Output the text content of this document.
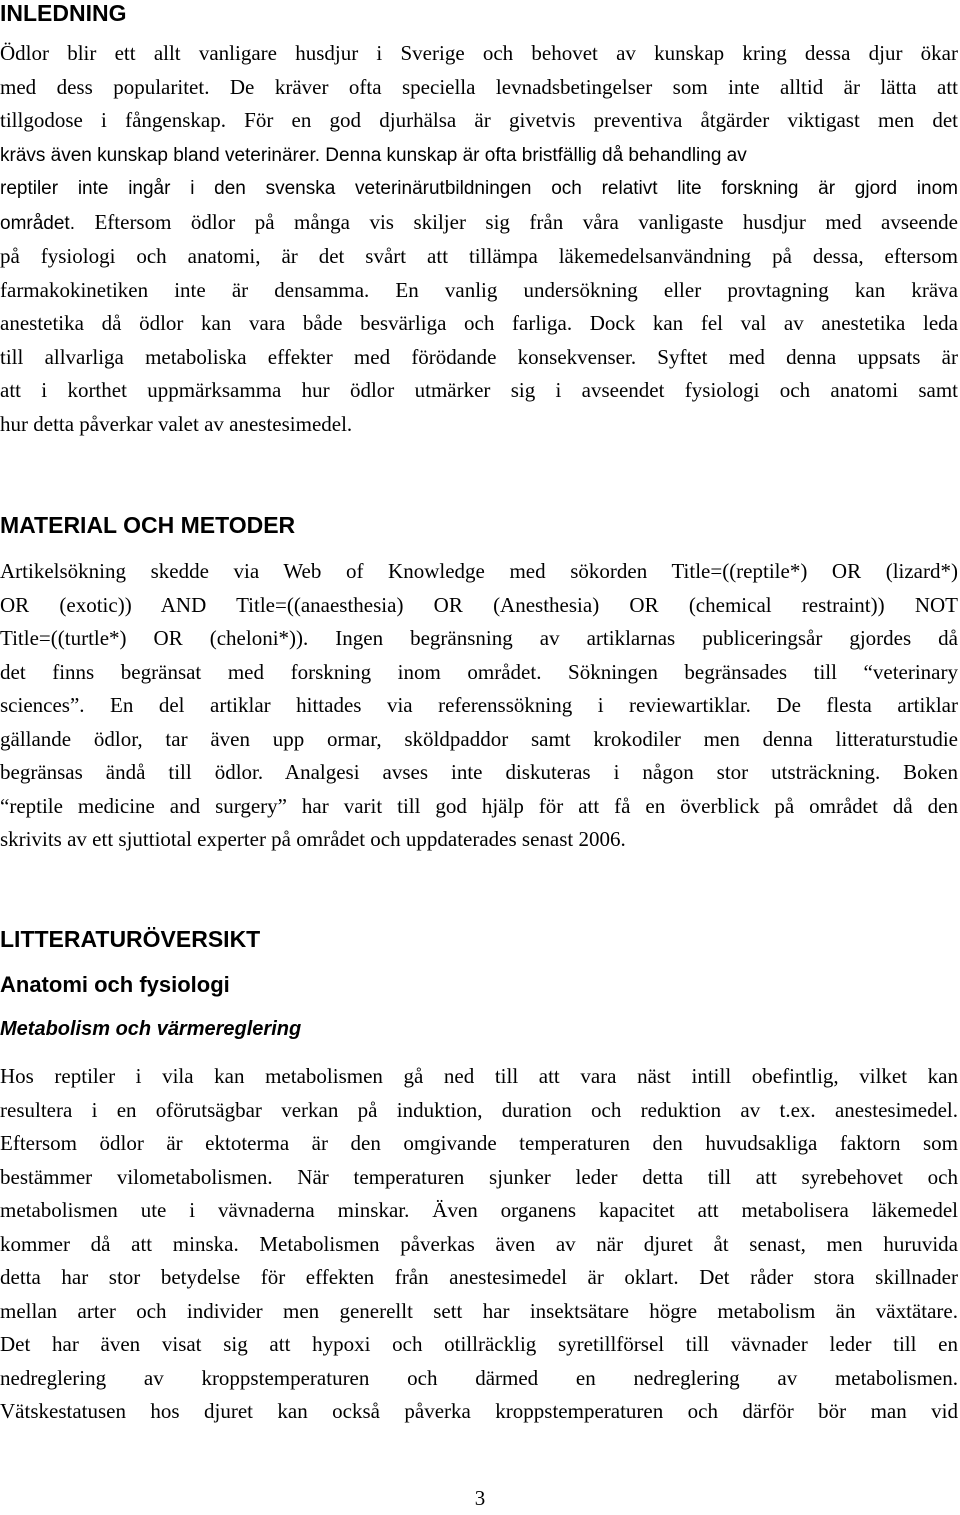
INLEDNING
Ödlor blir ett allt vanligare husdjur i Sverige och behovet av kunskap kring dessa djur ökar
med dess popularitet. De kräver ofta speciella levnadsbetingelser som inte alltid är lätta att
tillgodose i fångenskap. För en god djurhälsa är givetvis preventiva åtgärder viktigast men det
krävs även kunskap bland veterinärer. Denna kunskap är ofta bristfällig då behandling av
reptiler inte ingår i den svenska veterinärutbildningen och relativt lite forskning är gjord inom
området. Eftersom ödlor på många vis skiljer sig från våra vanligaste husdjur med avseende
på fysiologi och anatomi, är det svårt att tillämpa läkemedelsanvändning på dessa, eftersom
farmakokinetiken inte är densamma. En vanlig undersökning eller provtagning kan kräva
anestetika då ödlor kan vara både besvärliga och farliga. Dock kan fel val av anestetika leda
till allvarliga metaboliska effekter med förödande konsekvenser. Syftet med denna uppsats är
att i korthet uppmärksamma hur ödlor utmärker sig i avseendet fysiologi och anatomi samt
hur detta påverkar valet av anestesimedel.
MATERIAL OCH METODER
Artikelsökning skedde via Web of Knowledge med sökorden Title=((reptile*) OR (lizard*)
OR (exotic)) AND Title=((anaesthesia) OR (Anesthesia) OR (chemical restraint)) NOT
Title=((turtle*) OR (cheloni*)). Ingen begränsning av artiklarnas publiceringsår gjordes då
det finns begränsat med forskning inom området. Sökningen begränsades till “veterinary
sciences”. En del artiklar hittades via referenssökning i reviewartiklar. De flesta artiklar
gällande ödlor, tar även upp ormar, sköldpaddor samt krokodiler men denna litteraturstudie
begränsas ändå till ödlor. Analgesi avses inte diskuteras i någon stor utsträckning. Boken
“reptile medicine and surgery” har varit till god hjälp för att få en överblick på området då den
skrivits av ett sjuttiotal experter på området och uppdaterades senast 2006.
LITTERATURÖVERSIKT
Anatomi och fysiologi
Metabolism och värmereglering
Hos reptiler i vila kan metabolismen gå ned till att vara näst intill obefintlig, vilket kan
resultera i en oförutsägbar verkan på induktion, duration och reduktion av t.ex. anestesimedel.
Eftersom ödlor är ektoterma är den omgivande temperaturen den huvudsakliga faktorn som
bestämmer vilometabolismen. När temperaturen sjunker leder detta till att syrebehovet och
metabolismen ute i vävnaderna minskar. Även organens kapacitet att metabolisera läkemedel
kommer då att minska. Metabolismen påverkas även av när djuret åt senast, men huruvida
detta har stor betydelse för effekten från anestesimedel är oklart. Det råder stora skillnader
mellan arter och individer men generellt sett har insektsätare högre metabolism än växtätare.
Det har även visat sig att hypoxi och otillräcklig syretillförsel till vävnader leder till en
nedreglering av kroppstemperaturen och därmed en nedreglering av metabolismen.
Vätskestatusen hos djuret kan också påverka kroppstemperaturen och därför bör man vid
3
